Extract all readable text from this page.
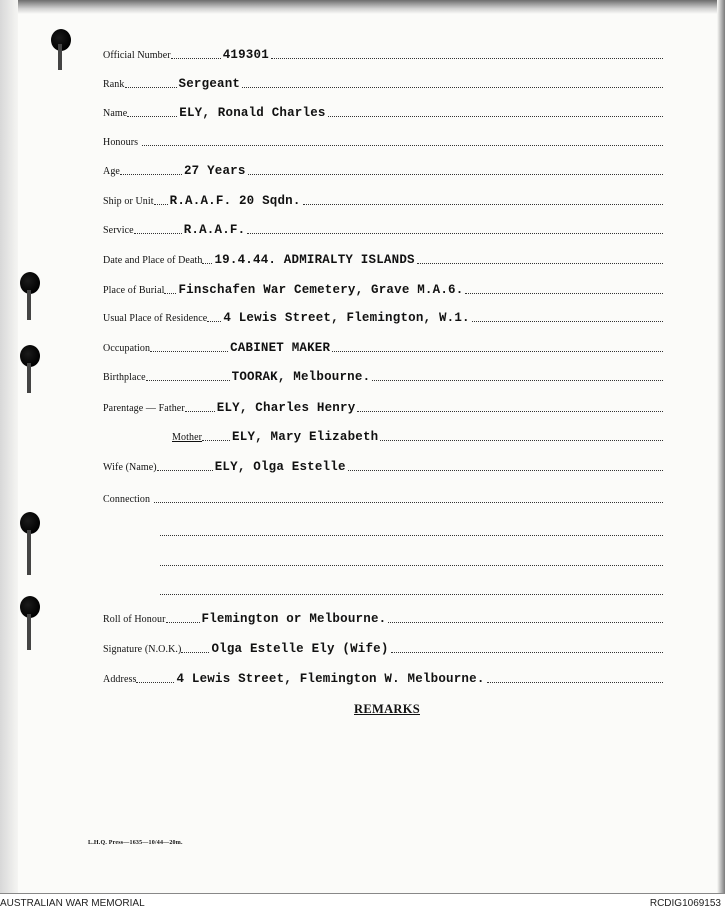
Official Number	419301
Rank	Sergeant
Name	ELY, Ronald Charles
Honours
Age	27 Years
Ship or Unit R.A.A.F. 20 Sqdn.
Service	R.A.A.F.
Date and Place of Death 19.4.44. ADMIRALTY ISLANDS
Place of Burial Finschafen War Cemetery, Grave M.A.6.
Usual Place of Residence 4 Lewis Street, Flemington, W.1.
Occupation	CABINET MAKER
Birthplace	TOORAK, Melbourne.
Parentage — Father	ELY, Charles Henry
Mother ELY, Mary Elizabeth
Wife (Name)	ELY, Olga Estelle
Connection
Roll of Honour	Flemington or Melbourne.
Signature (N.O.K.) Olga Estelle Ely (Wife)
Address	4 Lewis Street, Flemington W. Melbourne.
REMARKS
L.H.Q. Press—1635—10/44—20m.
AUSTRALIAN WAR MEMORIAL	RCDIG1069153
